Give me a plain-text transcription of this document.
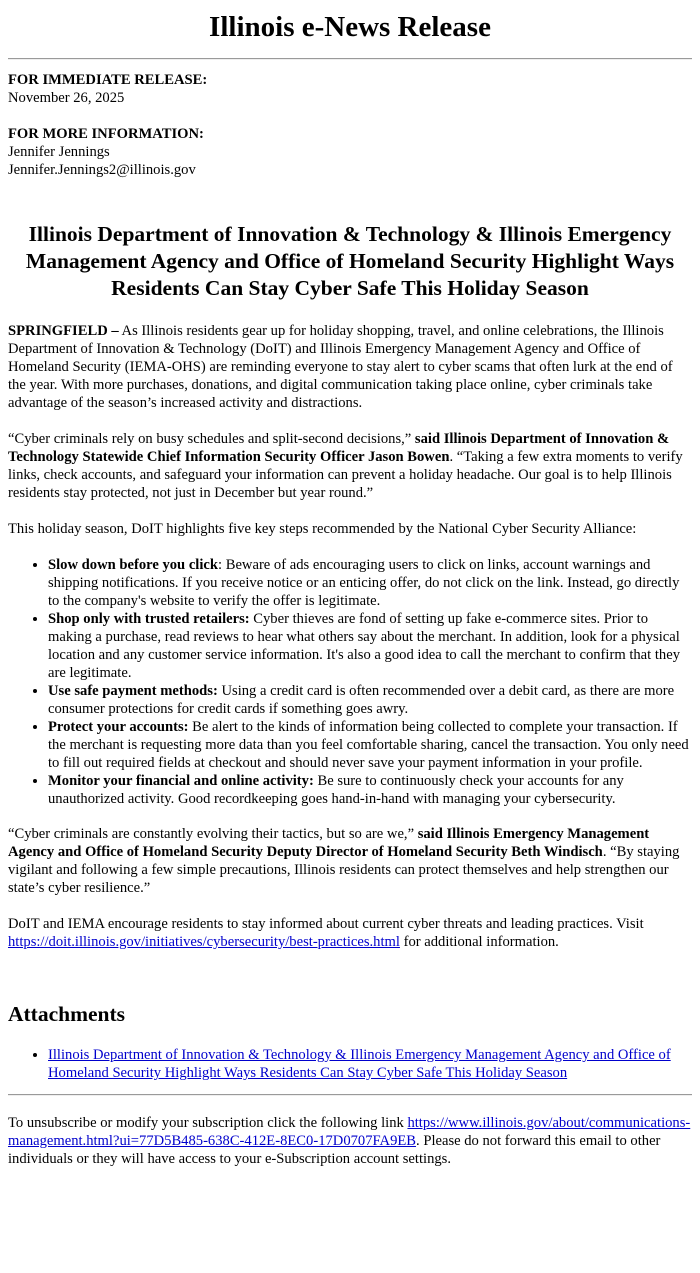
Illinois e-News Release
FOR IMMEDIATE RELEASE:
November 26, 2025
FOR MORE INFORMATION:
Jennifer Jennings
Jennifer.Jennings2@illinois.gov
Illinois Department of Innovation & Technology & Illinois Emergency Management Agency and Office of Homeland Security Highlight Ways Residents Can Stay Cyber Safe This Holiday Season

SPRINGFIELD – As Illinois residents gear up for holiday shopping, travel, and online celebrations, the Illinois Department of Innovation & Technology (DoIT) and Illinois Emergency Management Agency and Office of Homeland Security (IEMA-OHS) are reminding everyone to stay alert to cyber scams that often lurk at the end of the year. With more purchases, donations, and digital communication taking place online, cyber criminals take advantage of the season’s increased activity and distractions.

“Cyber criminals rely on busy schedules and split-second decisions,” said Illinois Department of Innovation & Technology Statewide Chief Information Security Officer Jason Bowen. “Taking a few extra moments to verify links, check accounts, and safeguard your information can prevent a holiday headache. Our goal is to help Illinois residents stay protected, not just in December but year round.”

This holiday season, DoIT highlights five key steps recommended by the National Cyber Security Alliance:

• Slow down before you click: Beware of ads encouraging users to click on links, account warnings and shipping notifications. If you receive notice or an enticing offer, do not click on the link. Instead, go directly to the company's website to verify the offer is legitimate.
• Shop only with trusted retailers: Cyber thieves are fond of setting up fake e-commerce sites. Prior to making a purchase, read reviews to hear what others say about the merchant. In addition, look for a physical location and any customer service information. It's also a good idea to call the merchant to confirm that they are legitimate.
• Use safe payment methods: Using a credit card is often recommended over a debit card, as there are more consumer protections for credit cards if something goes awry.
• Protect your accounts: Be alert to the kinds of information being collected to complete your transaction. If the merchant is requesting more data than you feel comfortable sharing, cancel the transaction. You only need to fill out required fields at checkout and should never save your payment information in your profile.
• Monitor your financial and online activity: Be sure to continuously check your accounts for any unauthorized activity. Good recordkeeping goes hand-in-hand with managing your cybersecurity.

“Cyber criminals are constantly evolving their tactics, but so are we,” said Illinois Emergency Management Agency and Office of Homeland Security Deputy Director of Homeland Security Beth Windisch. “By staying vigilant and following a few simple precautions, Illinois residents can protect themselves and help strengthen our state’s cyber resilience.”

DoIT and IEMA encourage residents to stay informed about current cyber threats and leading practices. Visit https://doit.illinois.gov/initiatives/cybersecurity/best-practices.html for additional information.

Attachments
• Illinois Department of Innovation & Technology & Illinois Emergency Management Agency and Office of Homeland Security Highlight Ways Residents Can Stay Cyber Safe This Holiday Season

To unsubscribe or modify your subscription click the following link https://www.illinois.gov/about/communications-management.html?ui=77D5B485-638C-412E-8EC0-17D0707FA9EB. Please do not forward this email to other individuals or they will have access to your e-Subscription account settings.
